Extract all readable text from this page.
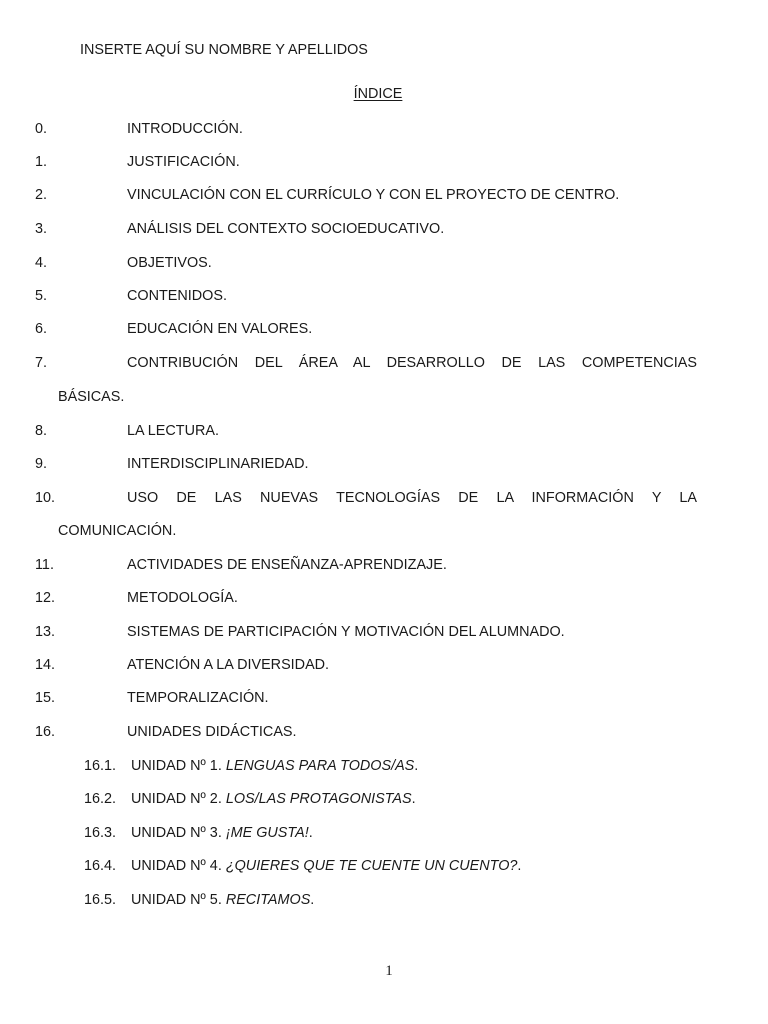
INSERTE AQUÍ SU NOMBRE Y APELLIDOS
ÍNDICE
0.	INTRODUCCIÓN.
1.	JUSTIFICACIÓN.
2.	VINCULACIÓN CON EL CURRÍCULO Y CON EL PROYECTO DE CENTRO.
3.	ANÁLISIS DEL CONTEXTO SOCIOEDUCATIVO.
4.	OBJETIVOS.
5.	CONTENIDOS.
6.	EDUCACIÓN EN VALORES.
7.	CONTRIBUCIÓN DEL ÁREA AL DESARROLLO DE LAS COMPETENCIAS
BÁSICAS.
8.	LA LECTURA.
9.	INTERDISCIPLINARIEDAD.
10.	USO DE LAS NUEVAS TECNOLOGÍAS DE LA INFORMACIÓN Y LA
COMUNICACIÓN.
11.	ACTIVIDADES DE ENSEÑANZA-APRENDIZAJE.
12.	METODOLOGÍA.
13.	SISTEMAS DE PARTICIPACIÓN Y MOTIVACIÓN DEL ALUMNADO.
14.	ATENCIÓN A LA DIVERSIDAD.
15.	TEMPORALIZACIÓN.
16.	UNIDADES DIDÁCTICAS.
16.1. UNIDAD Nº 1. LENGUAS PARA TODOS/AS.
16.2. UNIDAD Nº 2. LOS/LAS PROTAGONISTAS.
16.3. UNIDAD Nº 3. ¡ME GUSTA!.
16.4. UNIDAD Nº 4. ¿QUIERES QUE TE CUENTE UN CUENTO?.
16.5. UNIDAD Nº 5. RECITAMOS.
1
